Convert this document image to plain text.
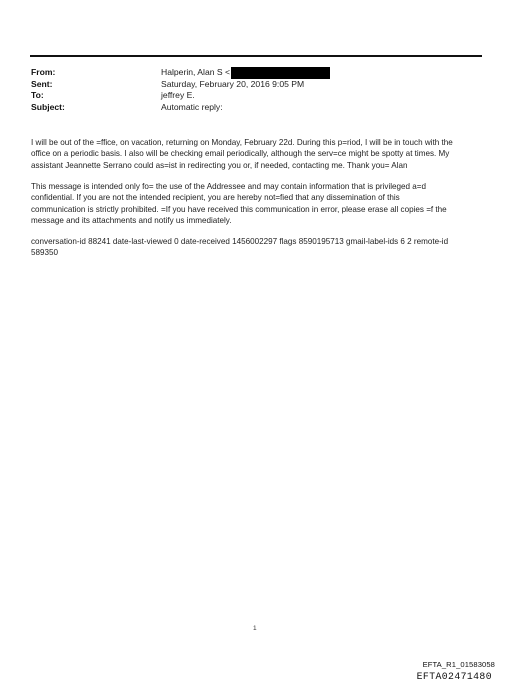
From:	Halperin, Alan S <
Sent:	Saturday, February 20, 2016 9:05 PM
To:	jeffrey E.
Subject:	Automatic reply:

I will be out of the =ffice, on vacation, returning on Monday, February 22d. During this p=riod, I will be in touch with the
office on a periodic basis. I also will be checking email periodically, although the serv=ce might be spotty at times. My
assistant Jeannette Serrano could as=ist in redirecting you or, if needed, contacting me. Thank you= Alan

This message is intended only fo= the use of the Addressee and may contain information that is privileged a=d
confidential. If you are not the intended recipient, you are hereby not=fied that any dissemination of this
communication is strictly prohibited. =If you have received this communication in error, please erase all copies =f the
message and its attachments and notify us immediately.

conversation-id 88241 date-last-viewed 0 date-received 1456002297 flags 8590195713 gmail-label-ids 6 2 remote-id
589350

1
EFTA_R1_01583058
EFTA02471480
